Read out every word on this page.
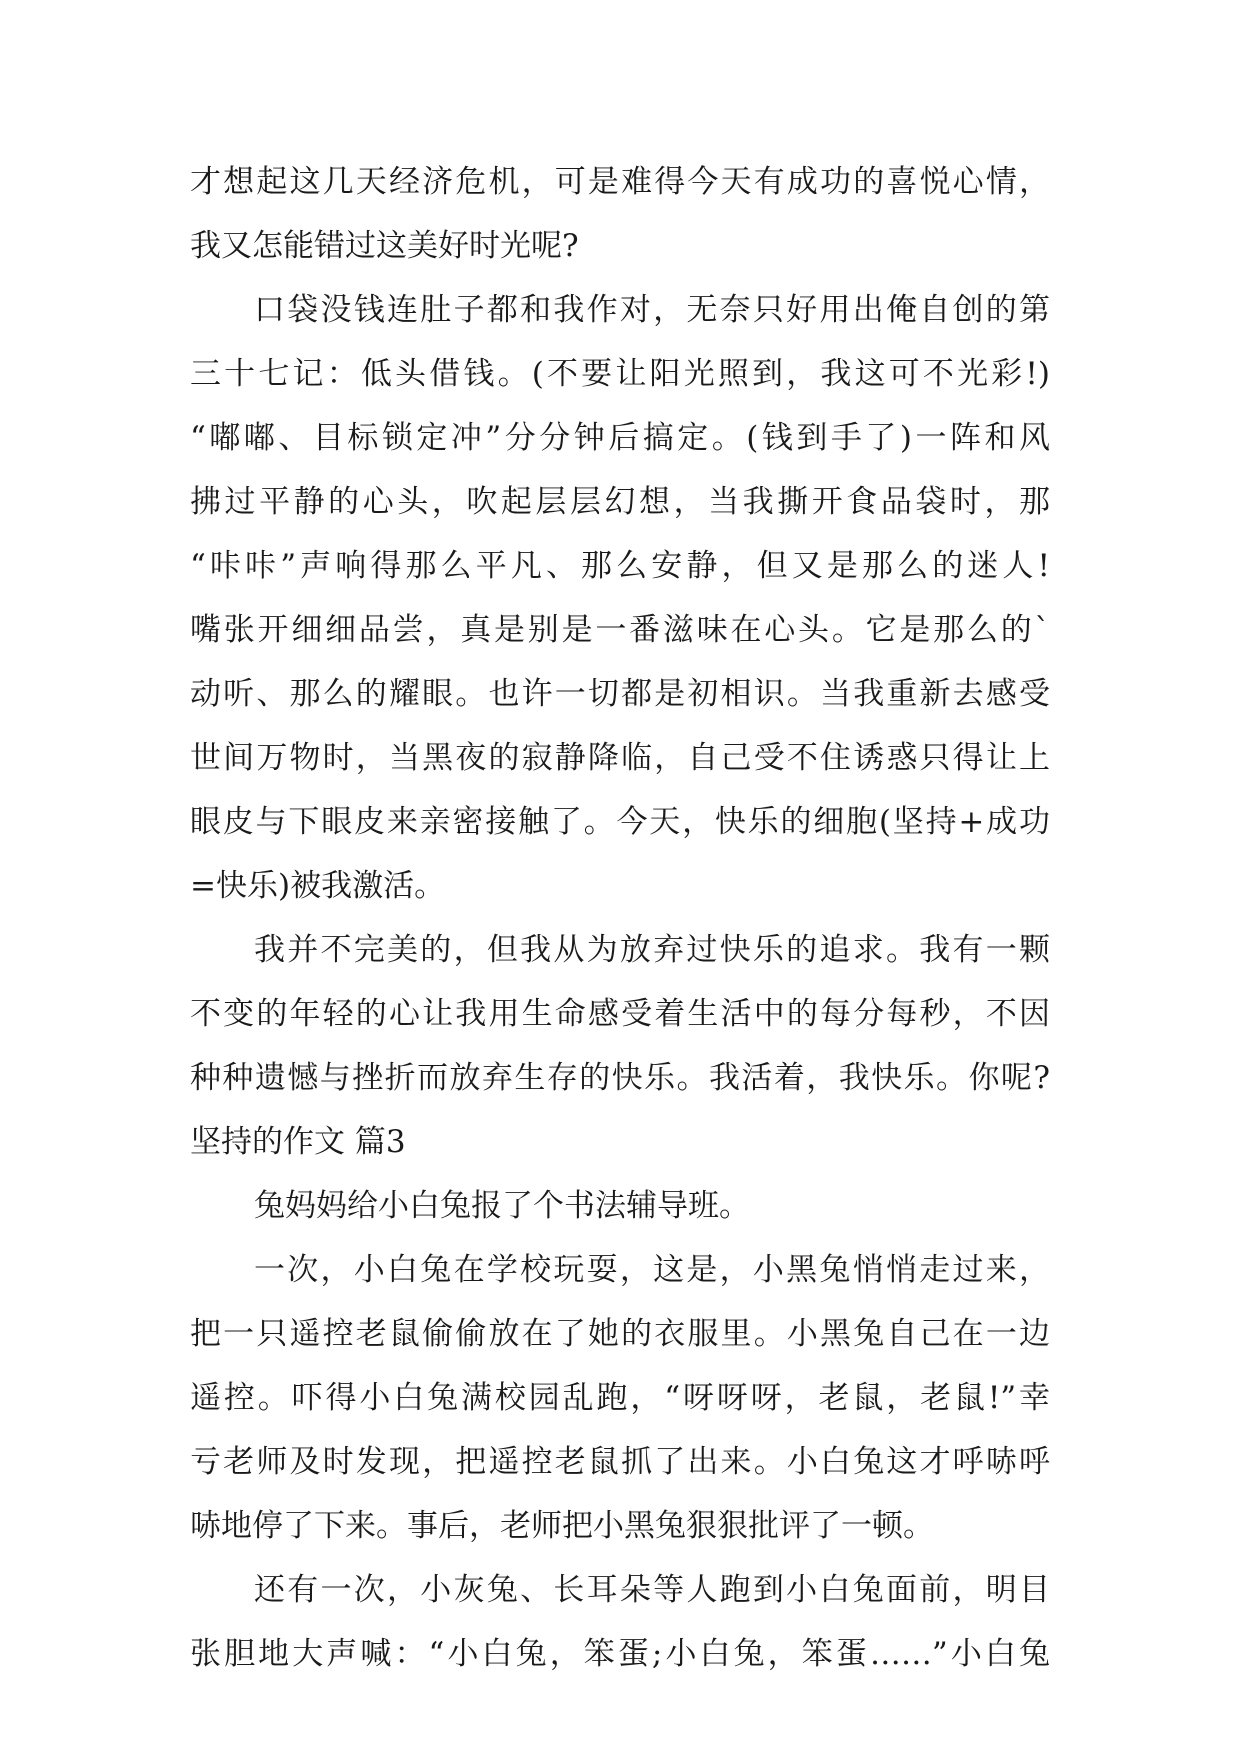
才想起这几天经济危机，可是难得今天有成功的喜悦心情，
我又怎能错过这美好时光呢?
口袋没钱连肚子都和我作对，无奈只好用出俺自创的第
三十七记：低头借钱。(不要让阳光照到，我这可不光彩!)
“嘟嘟、目标锁定冲”分分钟后搞定。(钱到手了)一阵和风
拂过平静的心头，吹起层层幻想，当我撕开食品袋时，那
“咔咔”声响得那么平凡、那么安静，但又是那么的迷人!
嘴张开细细品尝，真是别是一番滋味在心头。它是那么的`
动听、那么的耀眼。也许一切都是初相识。当我重新去感受
世间万物时，当黑夜的寂静降临，自己受不住诱惑只得让上
眼皮与下眼皮来亲密接触了。今天，快乐的细胞(坚持+成功
=快乐)被我激活。
我并不完美的，但我从为放弃过快乐的追求。我有一颗
不变的年轻的心让我用生命感受着生活中的每分每秒，不因
种种遗憾与挫折而放弃生存的快乐。我活着，我快乐。你呢?
坚持的作文 篇3
兔妈妈给小白兔报了个书法辅导班。
一次，小白兔在学校玩耍，这是，小黑兔悄悄走过来，
把一只遥控老鼠偷偷放在了她的衣服里。小黑兔自己在一边
遥控。吓得小白兔满校园乱跑，“呀呀呀，老鼠，老鼠!”幸
亏老师及时发现，把遥控老鼠抓了出来。小白兔这才呼哧呼
哧地停了下来。事后，老师把小黑兔狠狠批评了一顿。
还有一次，小灰兔、长耳朵等人跑到小白兔面前，明目
张胆地大声喊：“小白兔，笨蛋;小白兔，笨蛋……”小白兔
